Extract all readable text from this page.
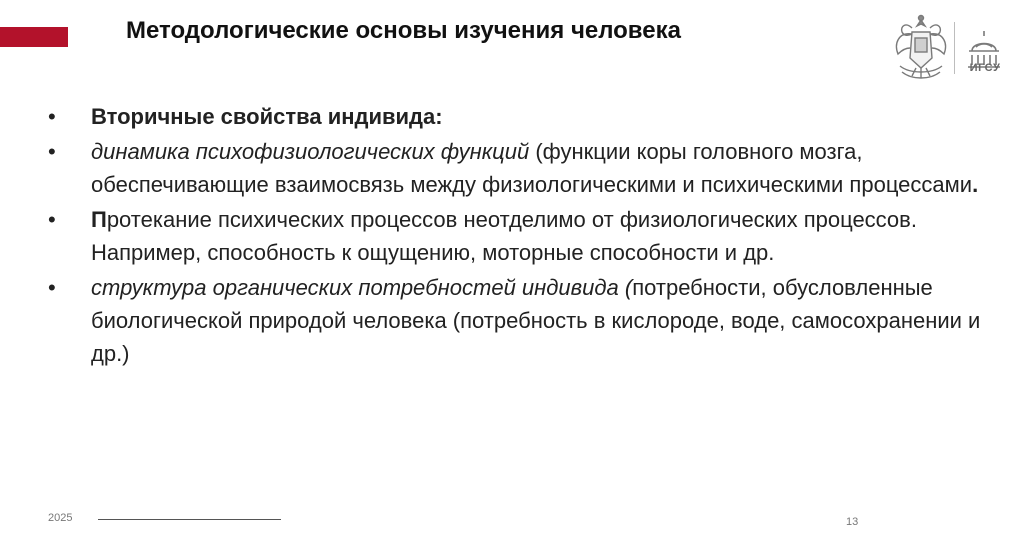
Методологические основы изучения человека
ИГСУ
• Вторичные свойства индивида:
• динамика психофизиологических функций (функции коры головного мозга, обеспечивающие взаимосвязь между физиологическими и психическими процессами.
• Протекание психических процессов неотделимо от физиологических процессов. Например, способность к ощущению, моторные способности и др.
• структура органических потребностей индивида (потребности, обусловленные биологической природой человека (потребность в кислороде, воде, самосохранении и др.)
2025	13
